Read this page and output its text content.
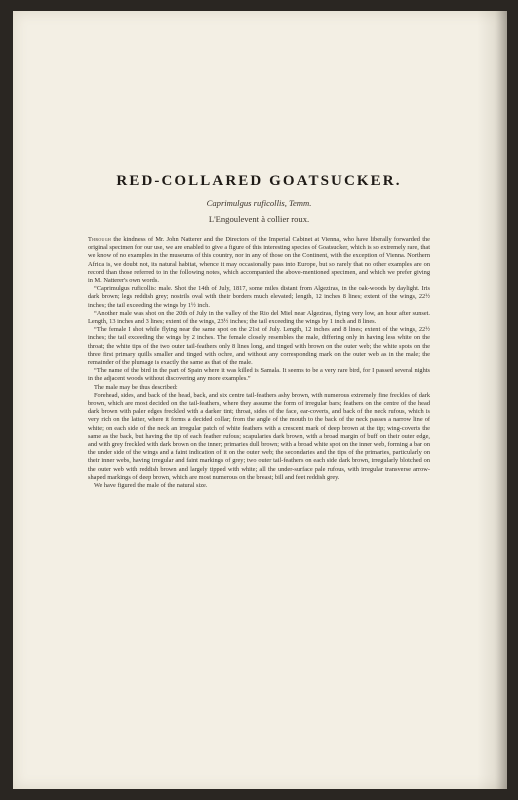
RED-COLLARED GOATSUCKER.
Caprimulgus ruficollis, Temm.
L'Engoulevent à collier roux.

Through the kindness of Mr. John Natterer and the Directors of the Imperial Cabinet at Vienna, who have liberally forwarded the original specimen for our use, we are enabled to give a figure of this interesting species of Goatsucker, which is so extremely rare, that we know of no examples in the museums of this country, nor in any of those on the Continent, with the exception of Vienna. Northern Africa is, we doubt not, its natural habitat, whence it may occasionally pass into Europe, but so rarely that no other examples are on record than those referred to in the following notes, which accompanied the above-mentioned specimen, and which we prefer giving in M. Natterer's own words.

“Caprimulgus ruficollis: male. Shot the 14th of July, 1817, some miles distant from Algeziras, in the oak-woods by daylight. Iris dark brown; legs reddish grey; nostrils oval with their borders much elevated; length, 12 inches 8 lines; extent of the wings, 22½ inches; the tail exceeding the wings by 1½ inch.

“Another male was shot on the 20th of July in the valley of the Rio del Miel near Algeziras, flying very low, an hour after sunset. Length, 13 inches and 3 lines; extent of the wings, 23½ inches; the tail exceeding the wings by 1 inch and 8 lines.

“The female I shot while flying near the same spot on the 21st of July. Length, 12 inches and 8 lines; extent of the wings, 22½ inches; the tail exceeding the wings by 2 inches. The female closely resembles the male, differing only in having less white on the throat; the white tips of the two outer tail-feathers only 8 lines long, and tinged with brown on the outer web; the white spots on the three first primary quills smaller and tinged with ochre, and without any corresponding mark on the outer web as in the male; the remainder of the plumage is exactly the same as that of the male.

“The name of the bird in the part of Spain where it was killed is Samala. It seems to be a very rare bird, for I passed several nights in the adjacent woods without discovering any more examples.”

The male may be thus described:

Forehead, sides, and back of the head, back, and six centre tail-feathers ashy brown, with numerous extremely fine freckles of dark brown, which are most decided on the tail-feathers, where they assume the form of irregular bars; feathers on the centre of the head dark brown with paler edges freckled with a darker tint; throat, sides of the face, ear-coverts, and back of the neck rufous, which is very rich on the latter, where it forms a decided collar; from the angle of the mouth to the back of the neck passes a narrow line of white; on each side of the neck an irregular patch of white feathers with a crescent mark of deep brown at the tip; wing-coverts the same as the back, but having the tip of each feather rufous; scapularies dark brown, with a broad margin of buff on their outer edge, and with grey freckled with dark brown on the inner; primaries dull brown; with a broad white spot on the inner web, forming a bar on the under side of the wings and a faint indication of it on the outer web; the secondaries and the tips of the primaries, particularly on their inner webs, having irregular and faint markings of grey; two outer tail-feathers on each side dark brown, irregularly blotched on the outer web with reddish brown and largely tipped with white; all the under-surface pale rufous, with irregular transverse arrow-shaped markings of deep brown, which are most numerous on the breast; bill and feet reddish grey.

We have figured the male of the natural size.
